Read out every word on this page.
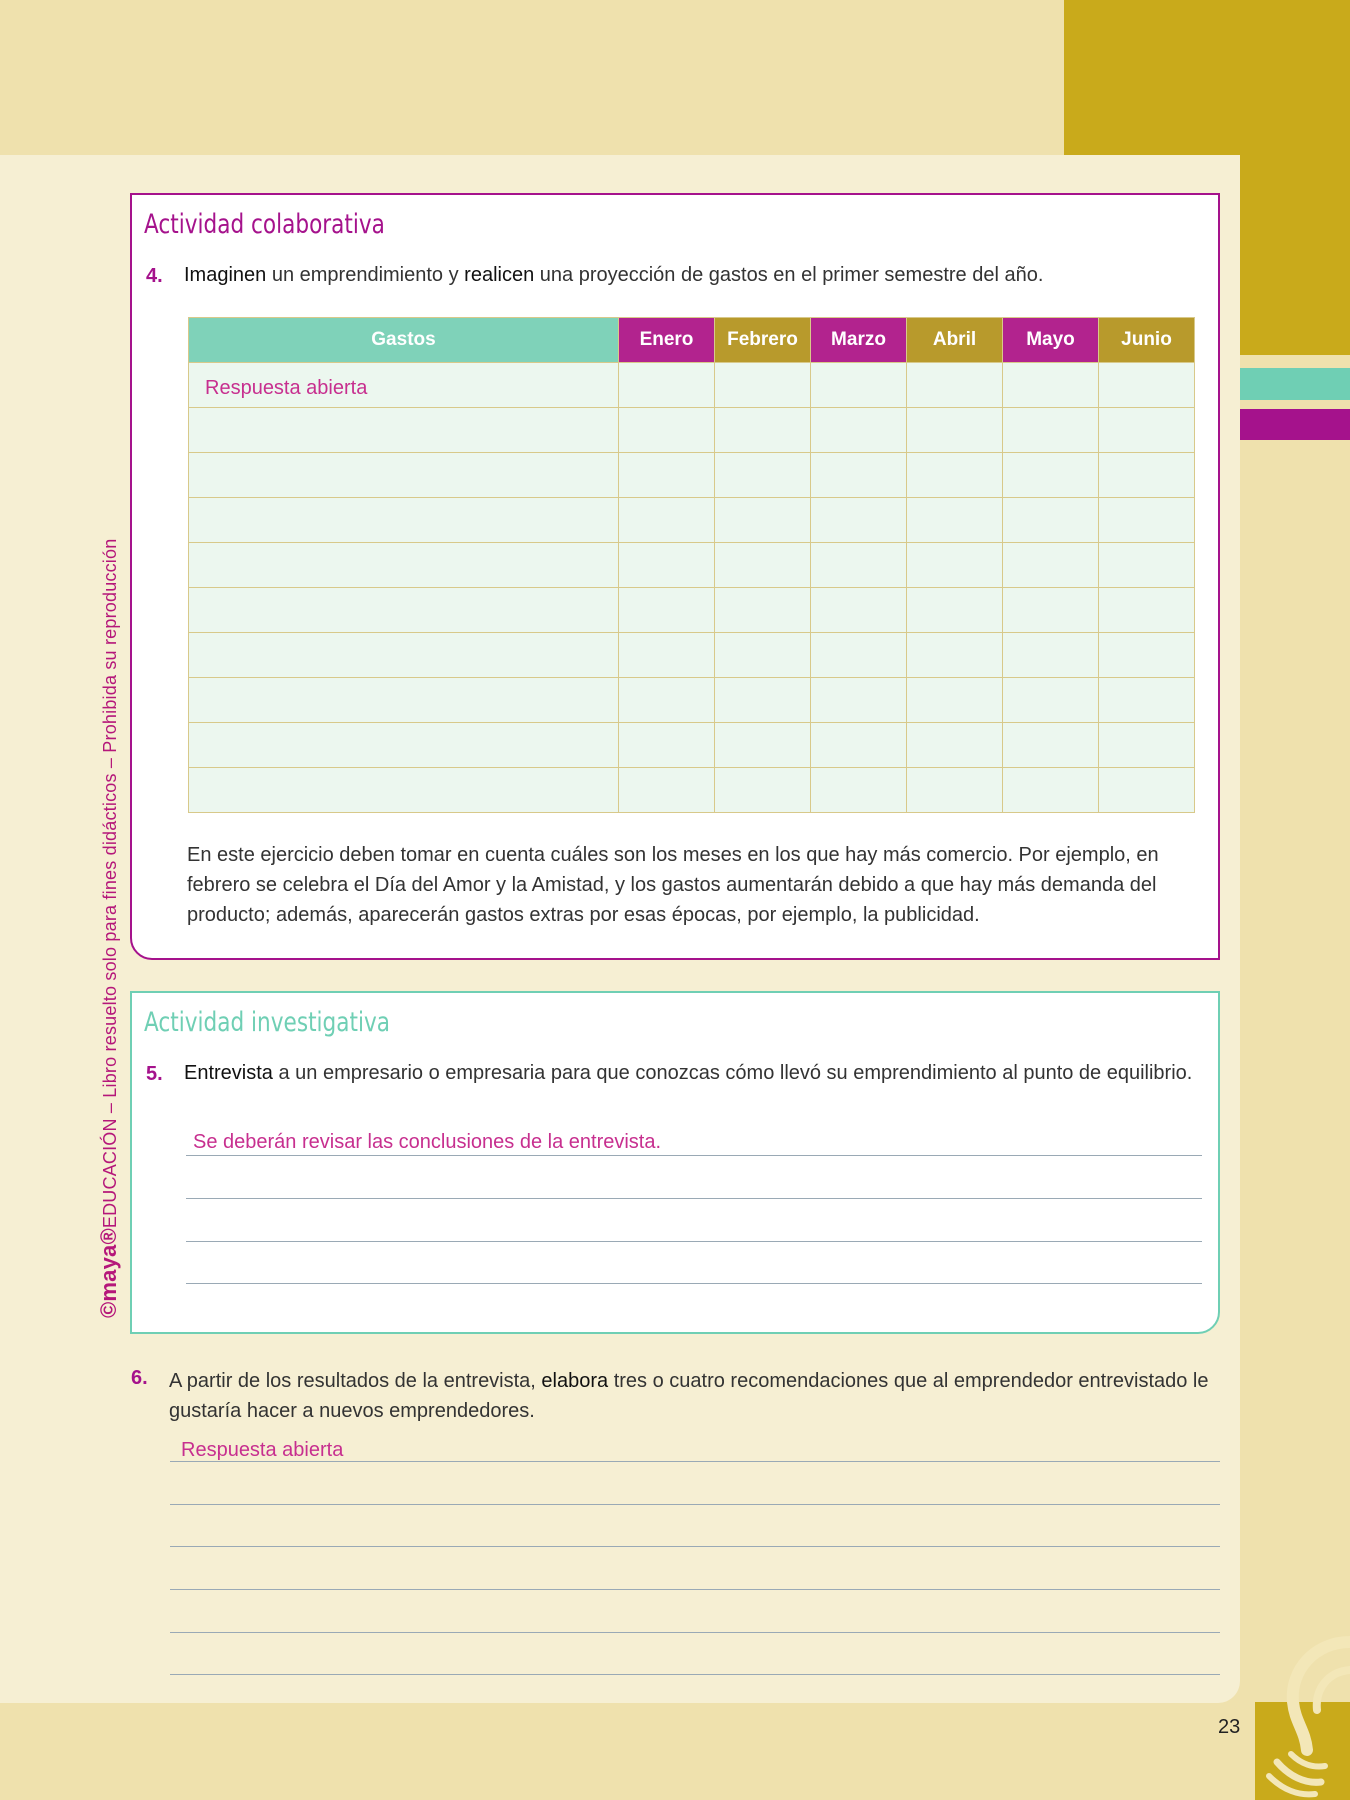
©maya®EDUCACIÓN – Libro resuelto solo para fines didácticos – Prohibida su reproducción
Actividad colaborativa
4. Imaginen un emprendimiento y realicen una proyección de gastos en el primer semestre del año.
Gastos	Enero	Febrero	Marzo	Abril	Mayo	Junio

Respuesta abierta						

En este ejercicio deben tomar en cuenta cuáles son los meses en los que hay más comercio. Por ejemplo, en febrero se celebra el Día del Amor y la Amistad, y los gastos aumentarán debido a que hay más demanda del producto; además, aparecerán gastos extras por esas épocas, por ejemplo, la publicidad.
Actividad investigativa
5. Entrevista a un empresario o empresaria para que conozcas cómo llevó su emprendimiento al punto de equilibrio.
Se deberán revisar las conclusiones de la entrevista.
6. A partir de los resultados de la entrevista, elabora tres o cuatro recomendaciones que al emprendedor entrevistado le gustaría hacer a nuevos emprendedores.
Respuesta abierta
23
